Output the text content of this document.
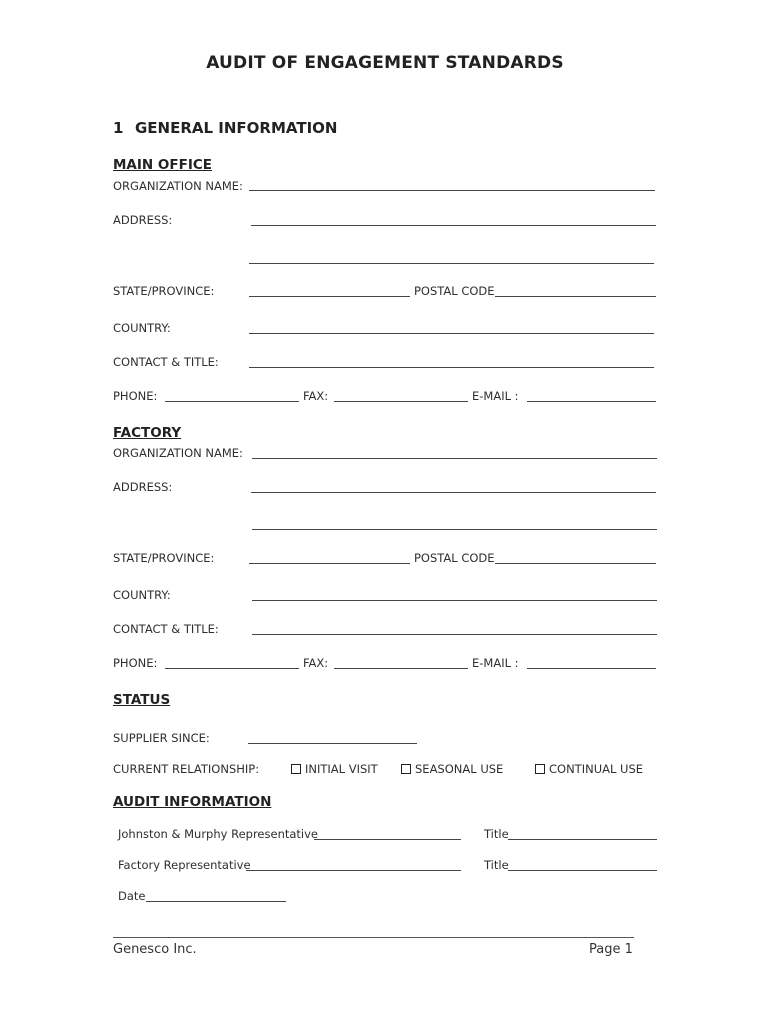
AUDIT OF ENGAGEMENT STANDARDS
1 GENERAL INFORMATION
MAIN OFFICE
ORGANIZATION NAME:
ADDRESS:
STATE/PROVINCE:	POSTAL CODE
COUNTRY:
CONTACT & TITLE:
PHONE:	FAX:	E-MAIL :
FACTORY
ORGANIZATION NAME:
ADDRESS:
STATE/PROVINCE:	POSTAL CODE
COUNTRY:
CONTACT & TITLE:
PHONE:	FAX:	E-MAIL :
STATUS
SUPPLIER SINCE:
CURRENT RELATIONSHIP:	INITIAL VISIT	SEASONAL USE	CONTINUAL USE
AUDIT INFORMATION
Johnston & Murphy Representative	Title
Factory Representative	Title
Date
Genesco Inc.	Page 1
